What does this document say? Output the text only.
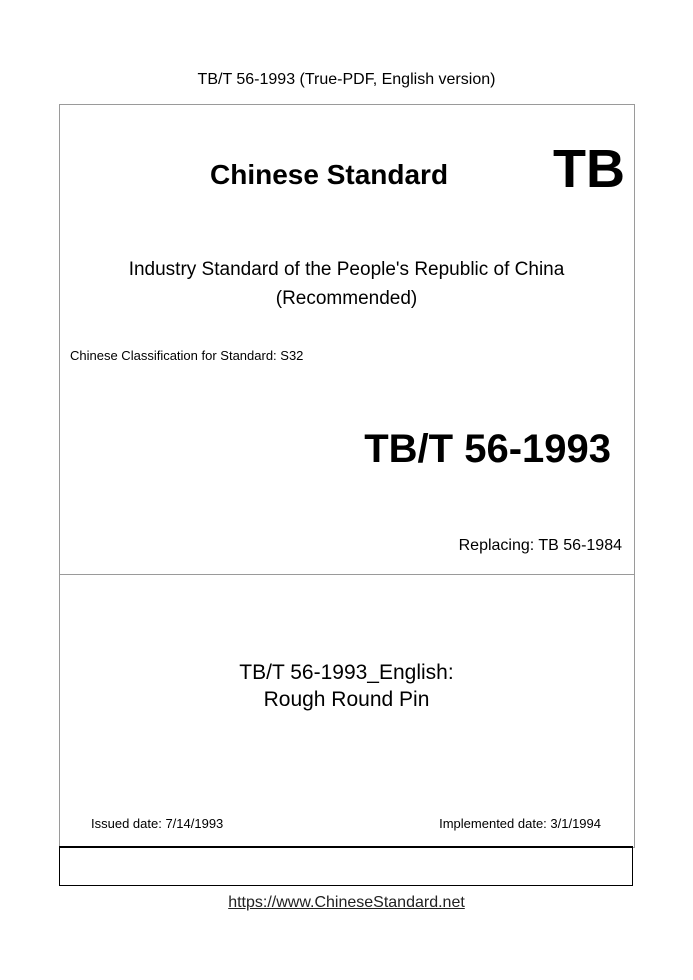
TB/T 56-1993 (True-PDF, English version)
Chinese Standard TB
Industry Standard of the People's Republic of China
(Recommended)
Chinese Classification for Standard: S32
TB/T 56-1993
Replacing: TB 56-1984
TB/T 56-1993_English:
Rough Round Pin
Issued date: 7/14/1993	Implemented date: 3/1/1994
https://www.ChineseStandard.net
